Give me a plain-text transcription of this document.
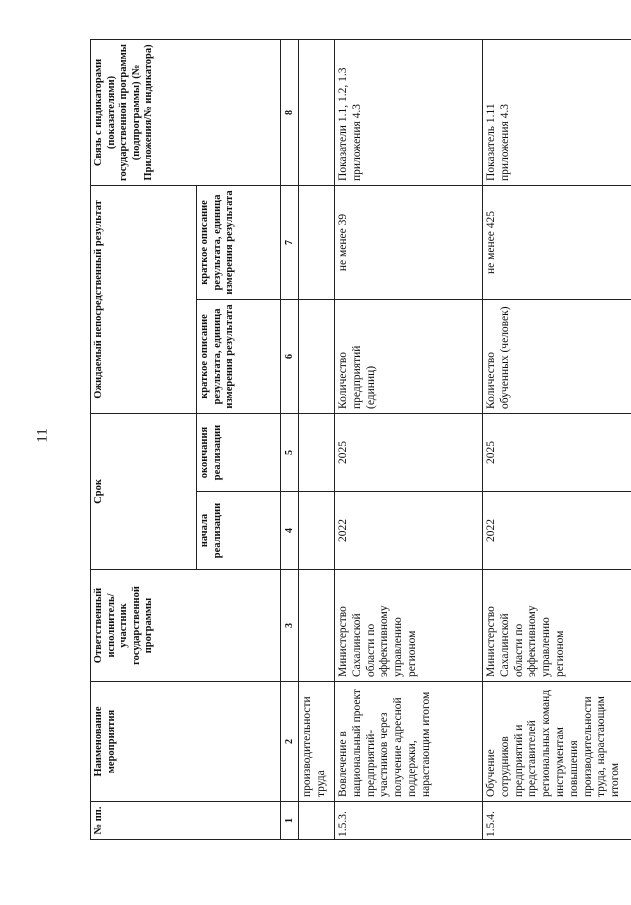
11
№ пп.	Наименование мероприятия	Ответственный исполнитель/участник государственной программы	Срок		Ожидаемый непосредственный результат		Связь с индикаторами (показателями) государственной программы (подпрограммы) (№ Приложения/№ индикатора)
			начала реализации	окончания реализации	краткое описание результата, единица измерения результата	краткое описание результата, единица измерения результата	
1	2	3	4	5	6	7	8
	производительности труда						
1.5.3.	Вовлечение в национальный проект предприятий-участников через получение адресной поддержки, нарастающим итогом	Министерство Сахалинской области по эффективному управлению регионом	2022	2025	Количество предприятий (единиц)	не менее 39	Показатели 1.1, 1.2, 1.3 приложения 4.3
1.5.4.	Обучение сотрудников предприятий и представителей региональных команд инструментам повышения производительности труда, нарастающим итогом	Министерство Сахалинской области по эффективному управлению регионом	2022	2025	Количество обученных (человек)	не менее 425	Показатель 1.11 приложения 4.3
